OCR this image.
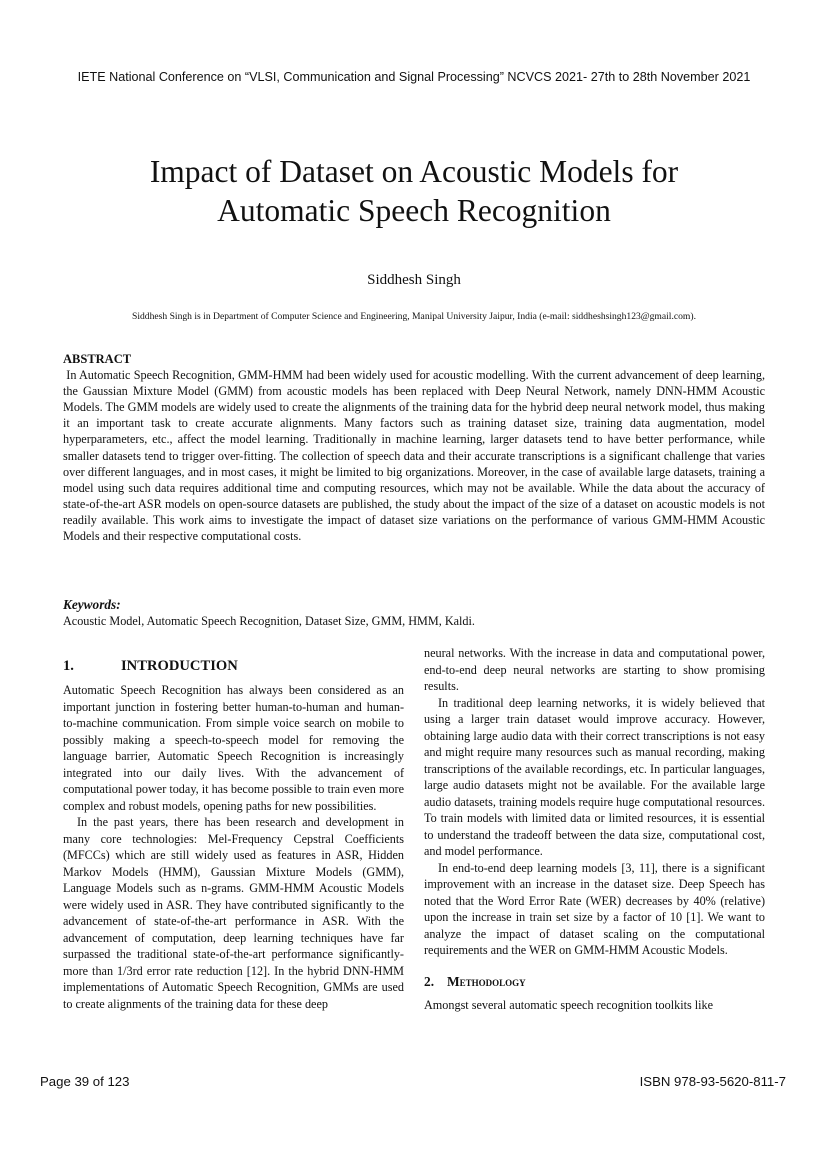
IETE National Conference on “VLSI, Communication and Signal Processing” NCVCS 2021- 27th to 28th November 2021
Impact of Dataset on Acoustic Models for
Automatic Speech Recognition
Siddhesh Singh
Siddhesh Singh is in Department of Computer Science and Engineering, Manipal University Jaipur, India (e-mail: siddheshsingh123@gmail.com).
ABSTRACT
In Automatic Speech Recognition, GMM-HMM had been widely used for acoustic modelling. With the current advancement of deep learning, the Gaussian Mixture Model (GMM) from acoustic models has been replaced with Deep Neural Network, namely DNN-HMM Acoustic Models. The GMM models are widely used to create the alignments of the training data for the hybrid deep neural network model, thus making it an important task to create accurate alignments. Many factors such as training dataset size, training data augmentation, model hyperparameters, etc., affect the model learning. Traditionally in machine learning, larger datasets tend to have better performance, while smaller datasets tend to trigger over-fitting. The collection of speech data and their accurate transcriptions is a significant challenge that varies over different languages, and in most cases, it might be limited to big organizations. Moreover, in the case of available large datasets, training a model using such data requires additional time and computing resources, which may not be available. While the data about the accuracy of state-of-the-art ASR models on open-source datasets are published, the study about the impact of the size of a dataset on acoustic models is not readily available. This work aims to investigate the impact of dataset size variations on the performance of various GMM-HMM Acoustic Models and their respective computational costs.
Keywords:
Acoustic Model, Automatic Speech Recognition, Dataset Size, GMM, HMM, Kaldi.
1.	INTRODUCTION

Automatic Speech Recognition has always been considered as an important junction in fostering better human-to-human and human-to-machine communication. From simple voice search on mobile to possibly making a speech-to-speech model for removing the language barrier, Automatic Speech Recognition is increasingly integrated into our daily lives. With the advancement of computational power today, it has become possible to train even more complex and robust models, opening paths for new possibilities.

In the past years, there has been research and development in many core technologies: Mel-Frequency Cepstral Coefficients (MFCCs) which are still widely used as features in ASR, Hidden Markov Models (HMM), Gaussian Mixture Models (GMM), Language Models such as n-grams. GMM-HMM Acoustic Models were widely used in ASR. They have contributed significantly to the advancement of state-of-the-art performance in ASR. With the advancement of computation, deep learning techniques have far surpassed the traditional state-of-the-art performance significantly- more than 1/3rd error rate reduction [12]. In the hybrid DNN-HMM implementations of Automatic Speech Recognition, GMMs are used to create alignments of the training data for these deep

neural networks. With the increase in data and computational power, end-to-end deep neural networks are starting to show promising results.

In traditional deep learning networks, it is widely believed that using a larger train dataset would improve accuracy. However, obtaining large audio data with their correct transcriptions is not easy and might require many resources such as manual recording, making transcriptions of the available recordings, etc. In particular languages, large audio datasets might not be available. For the available large audio datasets, training models require huge computational resources. To train models with limited data or limited resources, it is essential to understand the tradeoff between the data size, computational cost, and model performance.

In end-to-end deep learning models [3, 11], there is a significant improvement with an increase in the dataset size. Deep Speech has noted that the Word Error Rate (WER) decreases by 40% (relative) upon the increase in train set size by a factor of 10 [1]. We want to analyze the impact of dataset scaling on the computational requirements and the WER on GMM-HMM Acoustic Models.

2. Methodology

Amongst several automatic speech recognition toolkits like

Page 39 of 123	ISBN 978-93-5620-811-7
